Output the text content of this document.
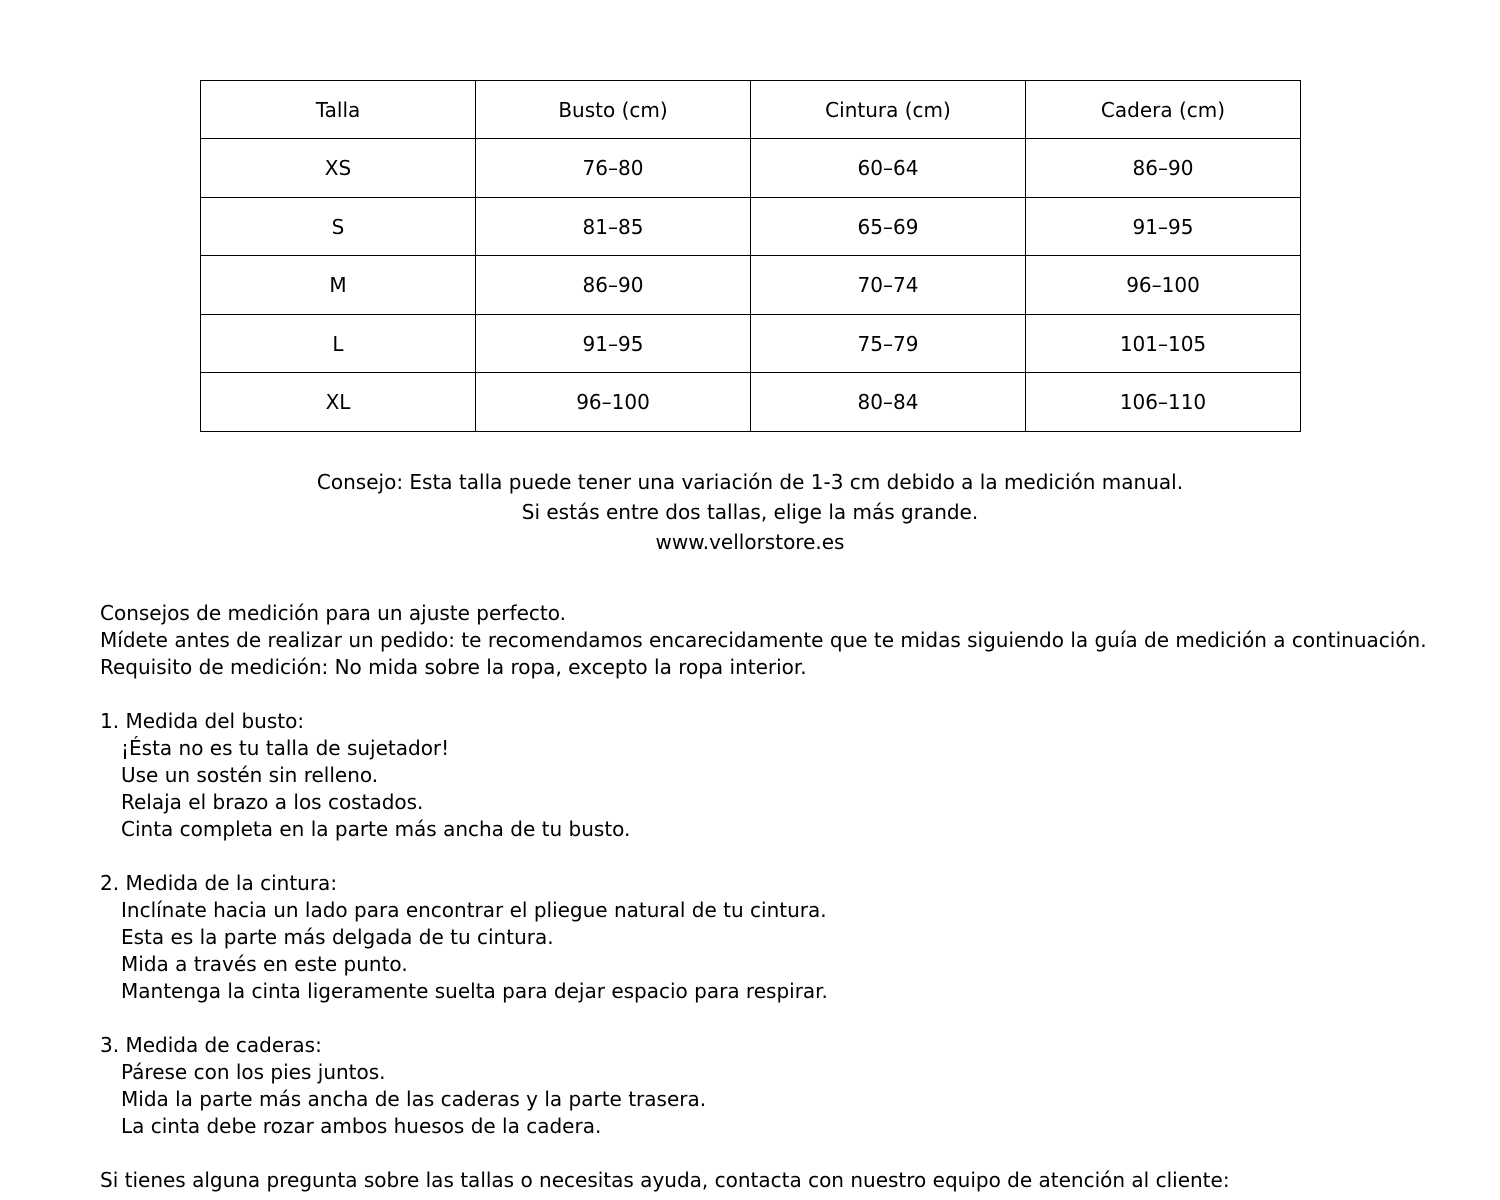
Talla	Busto (cm)	Cintura (cm)	Cadera (cm)
XS	76–80	60–64	86–90
S	81–85	65–69	91–95
M	86–90	70–74	96–100
L	91–95	75–79	101–105
XL	96–100	80–84	106–110
Consejo: Esta talla puede tener una variación de 1-3 cm debido a la medición manual.
Si estás entre dos tallas, elige la más grande.
www.vellorstore.es
Consejos de medición para un ajuste perfecto.
Mídete antes de realizar un pedido: te recomendamos encarecidamente que te midas siguiendo la guía de medición a continuación.
Requisito de medición: No mida sobre la ropa, excepto la ropa interior.
1. Medida del busto:
¡Ésta no es tu talla de sujetador!
Use un sostén sin relleno.
Relaja el brazo a los costados.
Cinta completa en la parte más ancha de tu busto.
2. Medida de la cintura:
Inclínate hacia un lado para encontrar el pliegue natural de tu cintura.
Esta es la parte más delgada de tu cintura.
Mida a través en este punto.
Mantenga la cinta ligeramente suelta para dejar espacio para respirar.
3. Medida de caderas:
Párese con los pies juntos.
Mida la parte más ancha de las caderas y la parte trasera.
La cinta debe rozar ambos huesos de la cadera.
Si tienes alguna pregunta sobre las tallas o necesitas ayuda, contacta con nuestro equipo de atención al cliente:
